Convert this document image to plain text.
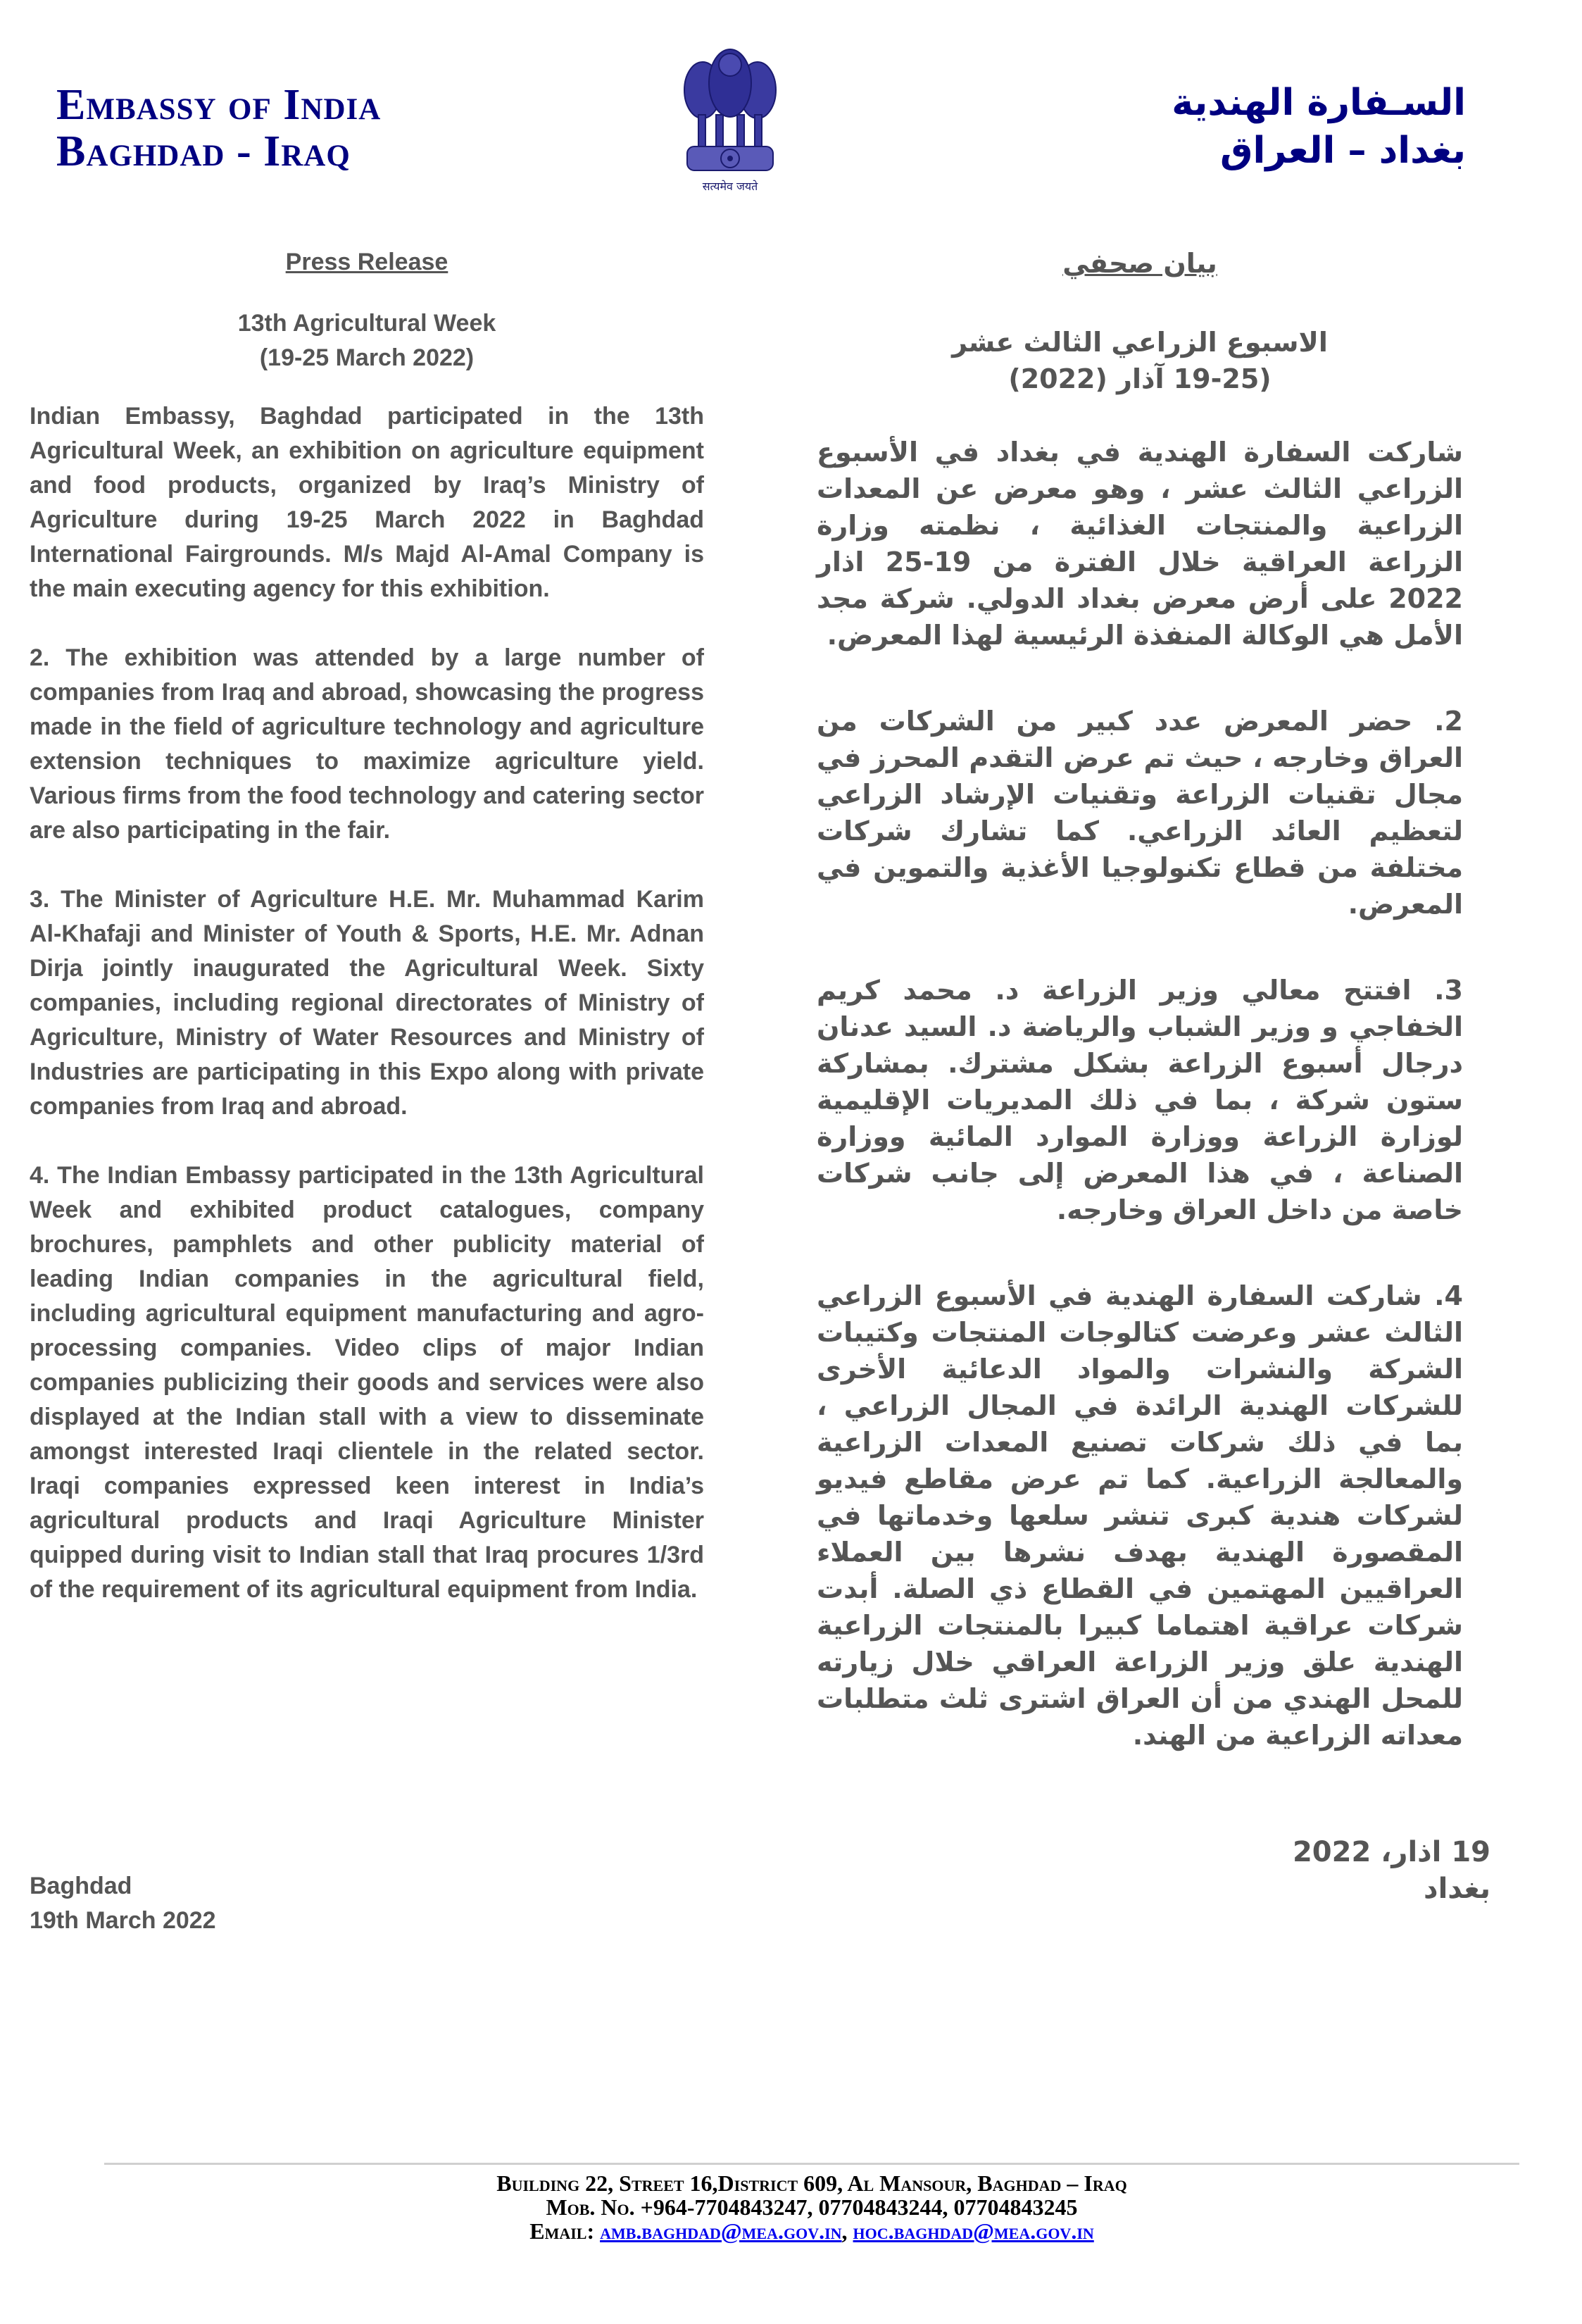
Embassy of India
Baghdad - Iraq
सत्यमेव जयते
السـفارة الهندية
بغداد – العراق
Press Release
13th Agricultural Week
(19-25 March 2022)

Indian Embassy, Baghdad participated in the 13th Agricultural Week, an exhibition on agriculture equipment and food products, organized by Iraq’s Ministry of Agriculture during 19-25 March 2022 in Baghdad International Fairgrounds. M/s Majd Al-Amal Company is the main executing agency for this exhibition.

2. The exhibition was attended by a large number of companies from Iraq and abroad, showcasing the progress made in the field of agriculture technology and agriculture extension techniques to maximize agriculture yield. Various firms from the food technology and catering sector are also participating in the fair.

3. The Minister of Agriculture H.E. Mr. Muhammad Karim Al-Khafaji and Minister of Youth & Sports, H.E. Mr. Adnan Dirja jointly inaugurated the Agricultural Week. Sixty companies, including regional directorates of Ministry of Agriculture, Ministry of Water Resources and Ministry of Industries are participating in this Expo along with private companies from Iraq and abroad.

4. The Indian Embassy participated in the 13th Agricultural Week and exhibited product catalogues, company brochures, pamphlets and other publicity material of leading Indian companies in the agricultural field, including agricultural equipment manufacturing and agro-processing companies. Video clips of major Indian companies publicizing their goods and services were also displayed at the Indian stall with a view to disseminate amongst interested Iraqi clientele in the related sector. Iraqi companies expressed keen interest in India’s agricultural products and Iraqi Agriculture Minister quipped during visit to Indian stall that Iraq procures 1/3rd of the requirement of its agricultural equipment from India.

بيان صحفي
الاسبوع الزراعي الثالث عشر
(19-25 آذار (2022)

شاركت السفارة الهندية في بغداد في الأسبوع الزراعي الثالث عشر ، وهو معرض عن المعدات الزراعية والمنتجات الغذائية ، نظمته وزارة الزراعة العراقية خلال الفترة من 19-25 اذار 2022 على أرض معرض بغداد الدولي. شركة مجد الأمل هي الوكالة المنفذة الرئيسية لهذا المعرض.

2. حضر المعرض عدد كبير من الشركات من العراق وخارجه ، حيث تم عرض التقدم المحرز في مجال تقنيات الزراعة وتقنيات الإرشاد الزراعي لتعظيم العائد الزراعي. كما تشارك شركات مختلفة من قطاع تكنولوجيا الأغذية والتموين في المعرض.

3. افتتح معالي وزير الزراعة د. محمد كريم الخفاجي و وزير الشباب والرياضة د. السيد عدنان درجال أسبوع الزراعة بشكل مشترك. بمشاركة ستون شركة ، بما في ذلك المديريات الإقليمية لوزارة الزراعة ووزارة الموارد المائية ووزارة الصناعة ، في هذا المعرض إلى جانب شركات خاصة من داخل العراق وخارجه.

4. شاركت السفارة الهندية في الأسبوع الزراعي الثالث عشر وعرضت كتالوجات المنتجات وكتيبات الشركة والنشرات والمواد الدعائية الأخرى للشركات الهندية الرائدة في المجال الزراعي ، بما في ذلك شركات تصنيع المعدات الزراعية والمعالجة الزراعية. كما تم عرض مقاطع فيديو لشركات هندية كبرى تنشر سلعها وخدماتها في المقصورة الهندية بهدف نشرها بين العملاء العراقيين المهتمين في القطاع ذي الصلة. أبدت شركات عراقية اهتماما كبيرا بالمنتجات الزراعية الهندية علق وزير الزراعة العراقي خلال زيارته للمحل الهندي من أن العراق اشترى ثلث متطلبات معداته الزراعية من الهند.

Baghdad
19th March 2022
19 اذار، 2022
بغداد
Building 22, Street 16,District 609, Al Mansour, Baghdad – Iraq
Mob. No. +964-7704843247, 07704843244, 07704843245
Email: amb.baghdad@mea.gov.in, hoc.baghdad@mea.gov.in
